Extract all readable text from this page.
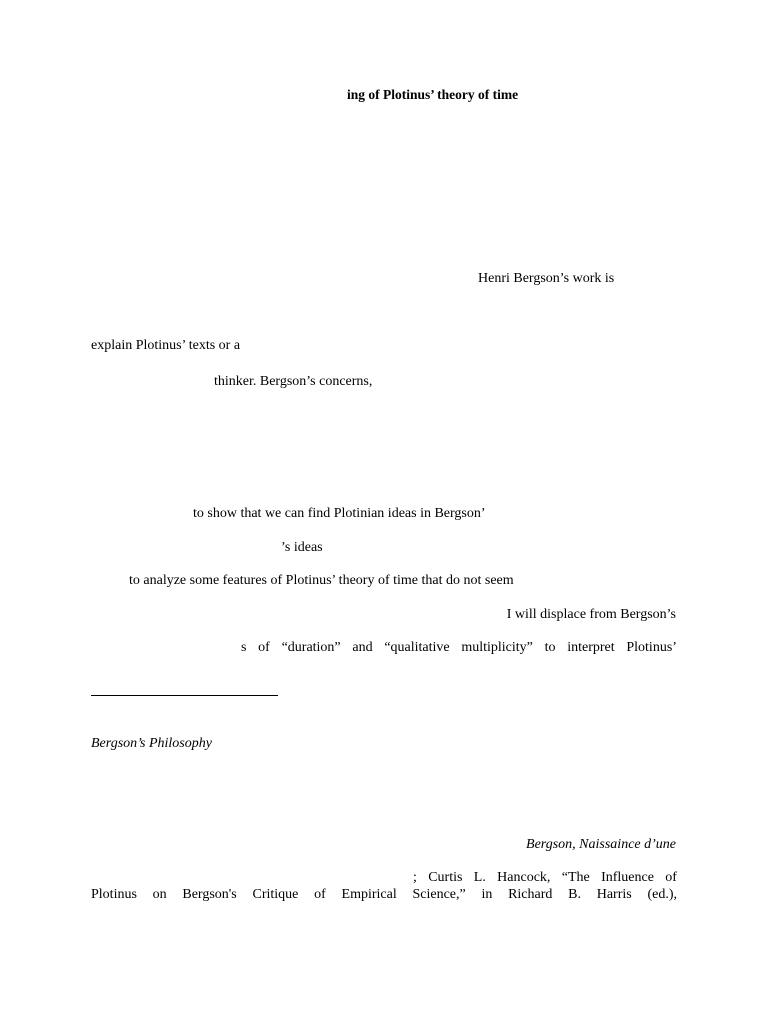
ing of Plotinus’ theory of time
Henri Bergson’s work is
explain Plotinus’ texts or a
thinker. Bergson’s concerns,
to show that we can find Plotinian ideas in Bergson’
’s ideas
to analyze some features of Plotinus’ theory of time that do not seem
I will displace from Bergson’s
s of “duration” and “qualitative multiplicity” to interpret Plotinus’
Bergson’s Philosophy
Bergson, Naissaince d’une
; Curtis L. Hancock, “The Influence of
Plotinus on Bergson's Critique of Empirical Science,” in Richard B. Harris (ed.),
